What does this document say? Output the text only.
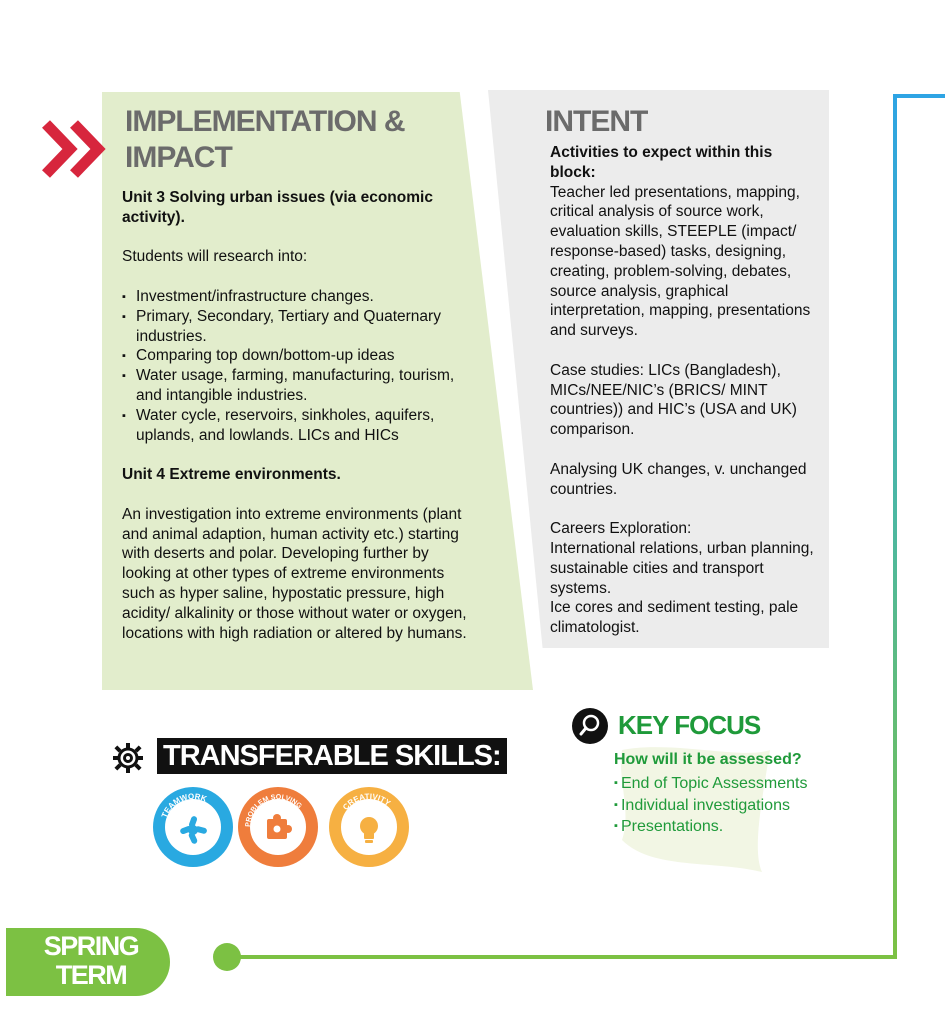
IMPLEMENTATION & IMPACT

Unit 3 Solving urban issues (via economic activity).

Students will research into:

▪ Investment/infrastructure changes.
▪ Primary, Secondary, Tertiary and Quaternary industries.
▪ Comparing top down/bottom-up ideas
▪ Water usage, farming, manufacturing, tourism, and intangible industries.
▪ Water cycle, reservoirs, sinkholes, aquifers, uplands, and lowlands. LICs and HICs

Unit 4 Extreme environments.

An investigation into extreme environments (plant and animal adaption, human activity etc.) starting with deserts and polar. Developing further by looking at other types of extreme environments such as hyper saline, hypostatic pressure, high acidity/ alkalinity or those without water or oxygen, locations with high radiation or altered by humans.

INTENT

Activities to expect within this block:

Teacher led presentations, mapping, critical analysis of source work, evaluation skills, STEEPLE (impact/ response-based) tasks, designing, creating, problem-solving, debates, source analysis, graphical interpretation, mapping, presentations and surveys.

Case studies: LICs (Bangladesh), MICs/NEE/NIC’s (BRICS/ MINT countries)) and HIC’s (USA and UK) comparison.

Analysing UK changes, v. unchanged countries.

Careers Exploration:

International relations, urban planning, sustainable cities and transport systems.

Ice cores and sediment testing, pale climatologist.

KEY FOCUS
How will it be assessed?
▪ End of Topic Assessments
▪ Individual investigations
▪ Presentations.
TRANSFERABLE SKILLS:
TEAMWORK
PROBLEM SOLVING	CREATIVITY
SPRING
TERM
